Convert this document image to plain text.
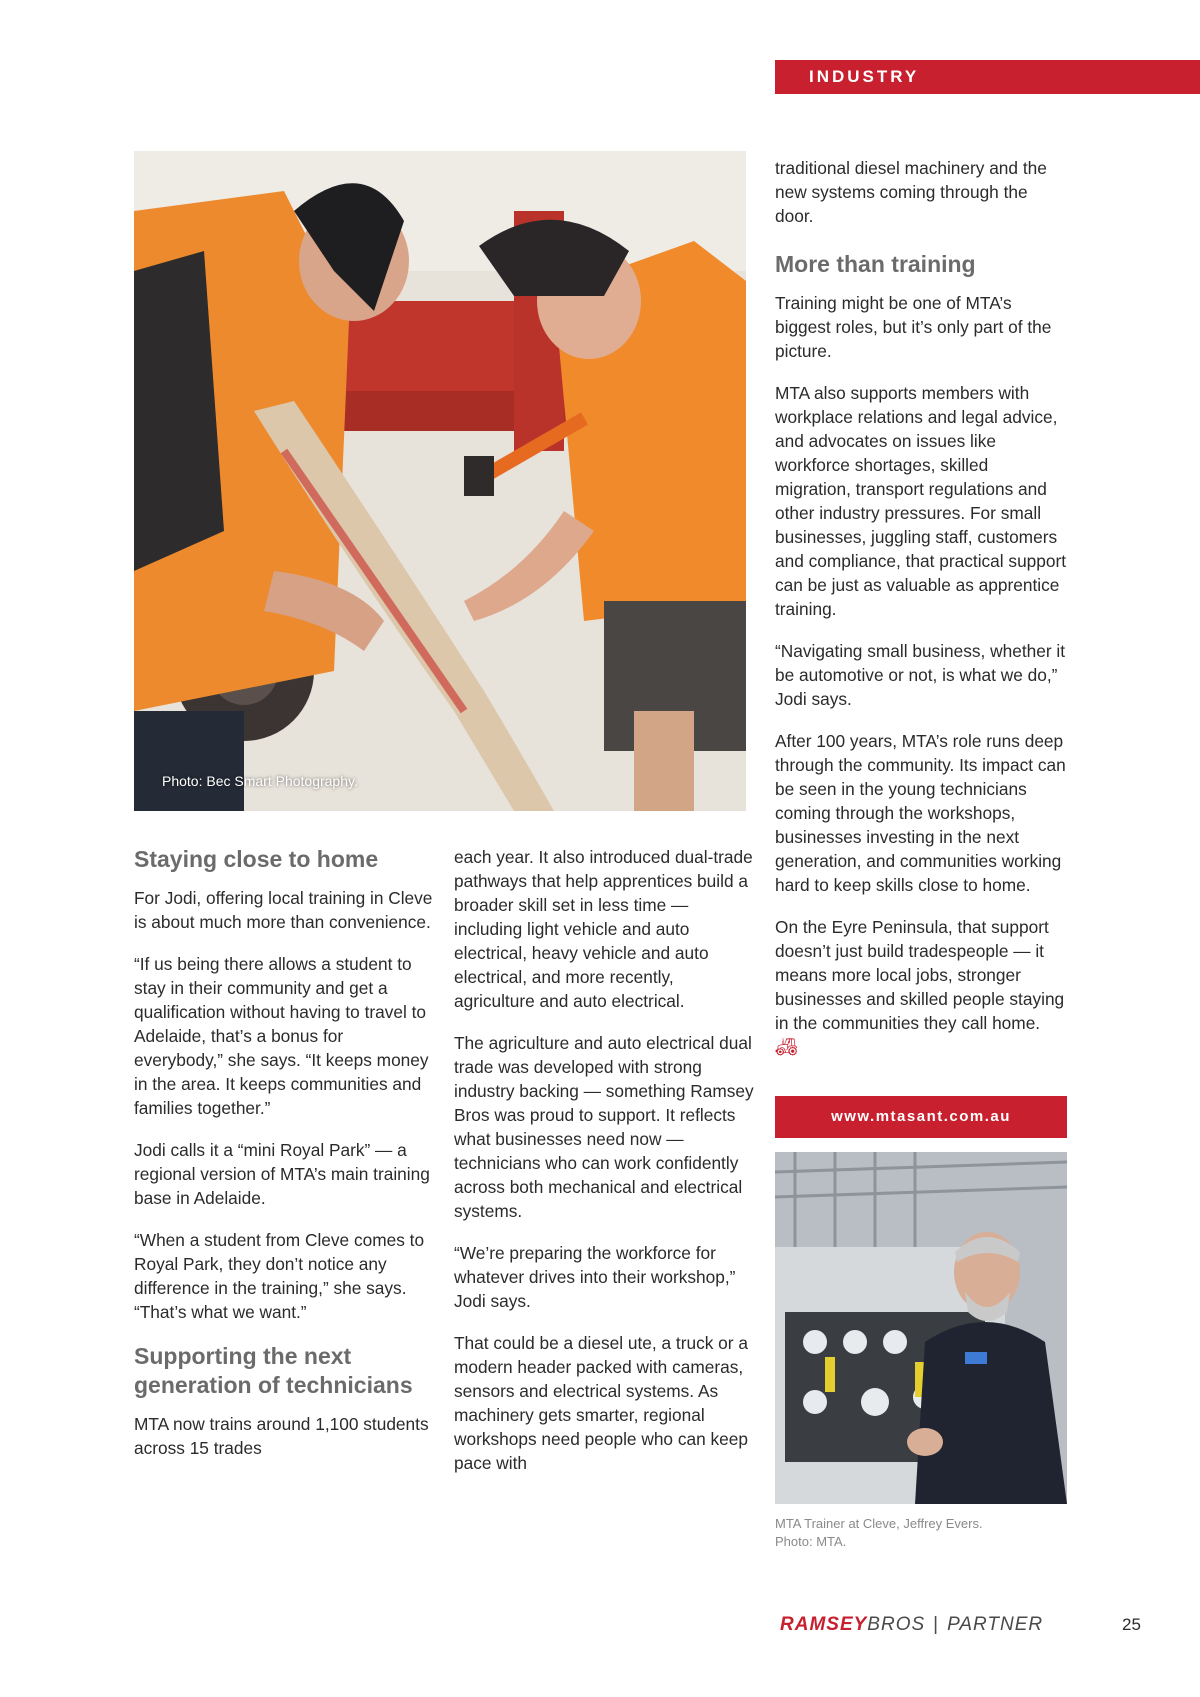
INDUSTRY
Photo: Bec Smart Photography.
Staying close to home

For Jodi, offering local training in Cleve is about much more than convenience.

“If us being there allows a student to stay in their community and get a qualification without having to travel to Adelaide, that’s a bonus for everybody,” she says. “It keeps money in the area. It keeps communities and families together.”

Jodi calls it a “mini Royal Park” — a regional version of MTA’s main training base in Adelaide.

“When a student from Cleve comes to Royal Park, they don’t notice any difference in the training,” she says. “That’s what we want.”

Supporting the next generation of technicians

MTA now trains around 1,100 students across 15 trades

each year. It also introduced dual-trade pathways that help apprentices build a broader skill set in less time — including light vehicle and auto electrical, heavy vehicle and auto electrical, and more recently, agriculture and auto electrical.

The agriculture and auto electrical dual trade was developed with strong industry backing — something Ramsey Bros was proud to support. It reflects what businesses need now — technicians who can work confidently across both mechanical and electrical systems.

“We’re preparing the workforce for whatever drives into their workshop,” Jodi says.

That could be a diesel ute, a truck or a modern header packed with cameras, sensors and electrical systems. As machinery gets smarter, regional workshops need people who can keep pace with

traditional diesel machinery and the new systems coming through the door.

More than training

Training might be one of MTA’s biggest roles, but it’s only part of the picture.

MTA also supports members with workplace relations and legal advice, and advocates on issues like workforce shortages, skilled migration, transport regulations and other industry pressures. For small businesses, juggling staff, customers and compliance, that practical support can be just as valuable as apprentice training.

“Navigating small business, whether it be automotive or not, is what we do,” Jodi says.

After 100 years, MTA’s role runs deep through the community. Its impact can be seen in the young technicians coming through the workshops, businesses investing in the next generation, and communities working hard to keep skills close to home.

On the Eyre Peninsula, that support doesn’t just build tradespeople — it means more local jobs, stronger businesses and skilled people staying in the communities they call home. 🚜︎

www.mtasant.com.au
MTA Trainer at Cleve, Jeffrey Evers.
Photo: MTA.
RAMSEYBROS | PARTNER	25
